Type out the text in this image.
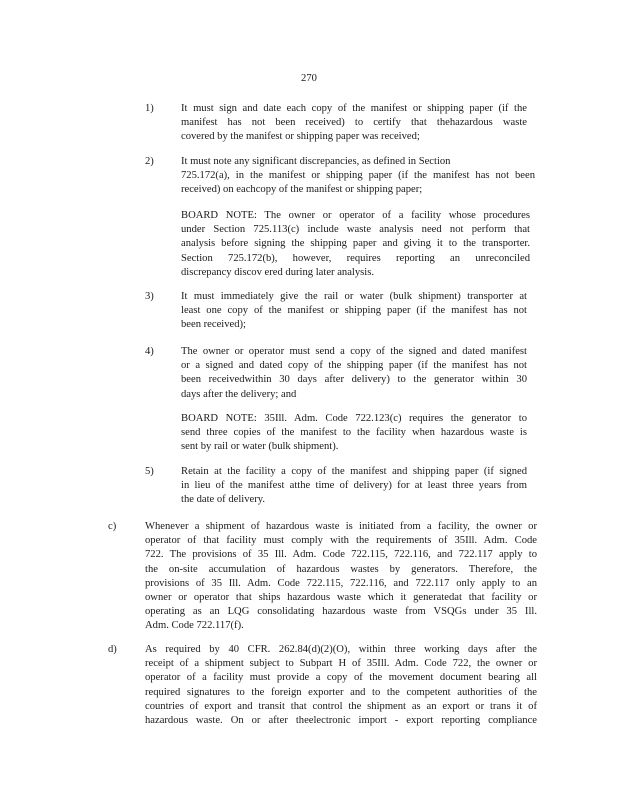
270
1)	It must sign and date each copy of the manifest or shipping paper (if the
manifest has not been received) to certify that thehazardous waste
covered by the manifest or shipping paper was received;
2)	It must note any significant discrepancies, as defined in Section
725.172(a), in the manifest or shipping paper (if the manifest has not been
received) on eachcopy of the manifest or shipping paper;
BOARD NOTE: The owner or operator of a facility whose procedures
under Section 725.113(c) include waste analysis need not perform that
analysis before signing the shipping paper and giving it to the transporter.
Section 725.172(b), however, requires reporting an unreconciled
discrepancy discov ered during later analysis.
3)	It must immediately give the rail or water (bulk shipment) transporter at
least one copy of the manifest or shipping paper (if the manifest has not
been received);
4)	The owner or operator must send a copy of the signed and dated manifest
or a signed and dated copy of the shipping paper (if the manifest has not
been receivedwithin 30 days after delivery) to the generator within 30
days after the delivery; and
BOARD NOTE: 35Ill. Adm. Code 722.123(c) requires the generator to
send three copies of the manifest to the facility when hazardous waste is
sent by rail or water (bulk shipment).
5)	Retain at the facility a copy of the manifest and shipping paper (if signed
in lieu of the manifest atthe time of delivery) for at least three years from
the date of delivery.
c)	Whenever a shipment of hazardous waste is initiated from a facility, the owner or
operator of that facility must comply with the requirements of 35Ill. Adm. Code
722. The provisions of 35 Ill. Adm. Code 722.115, 722.116, and 722.117 apply to
the on-site accumulation of hazardous wastes by generators. Therefore, the
provisions of 35 Ill. Adm. Code 722.115, 722.116, and 722.117 only apply to an
owner or operator that ships hazardous waste which it generatedat that facility or
operating as an LQG consolidating hazardous waste from VSQGs under 35 Ill.
Adm. Code 722.117(f).
d)	As required by 40 CFR. 262.84(d)(2)(O), within three working days after the
receipt of a shipment subject to Subpart H of 35Ill. Adm. Code 722, the owner or
operator of a facility must provide a copy of the movement document bearing all
required signatures to the foreign exporter and to the competent authorities of the
countries of export and transit that control the shipment as an export or trans it of
hazardous waste. On or after theelectronic import - export reporting compliance
